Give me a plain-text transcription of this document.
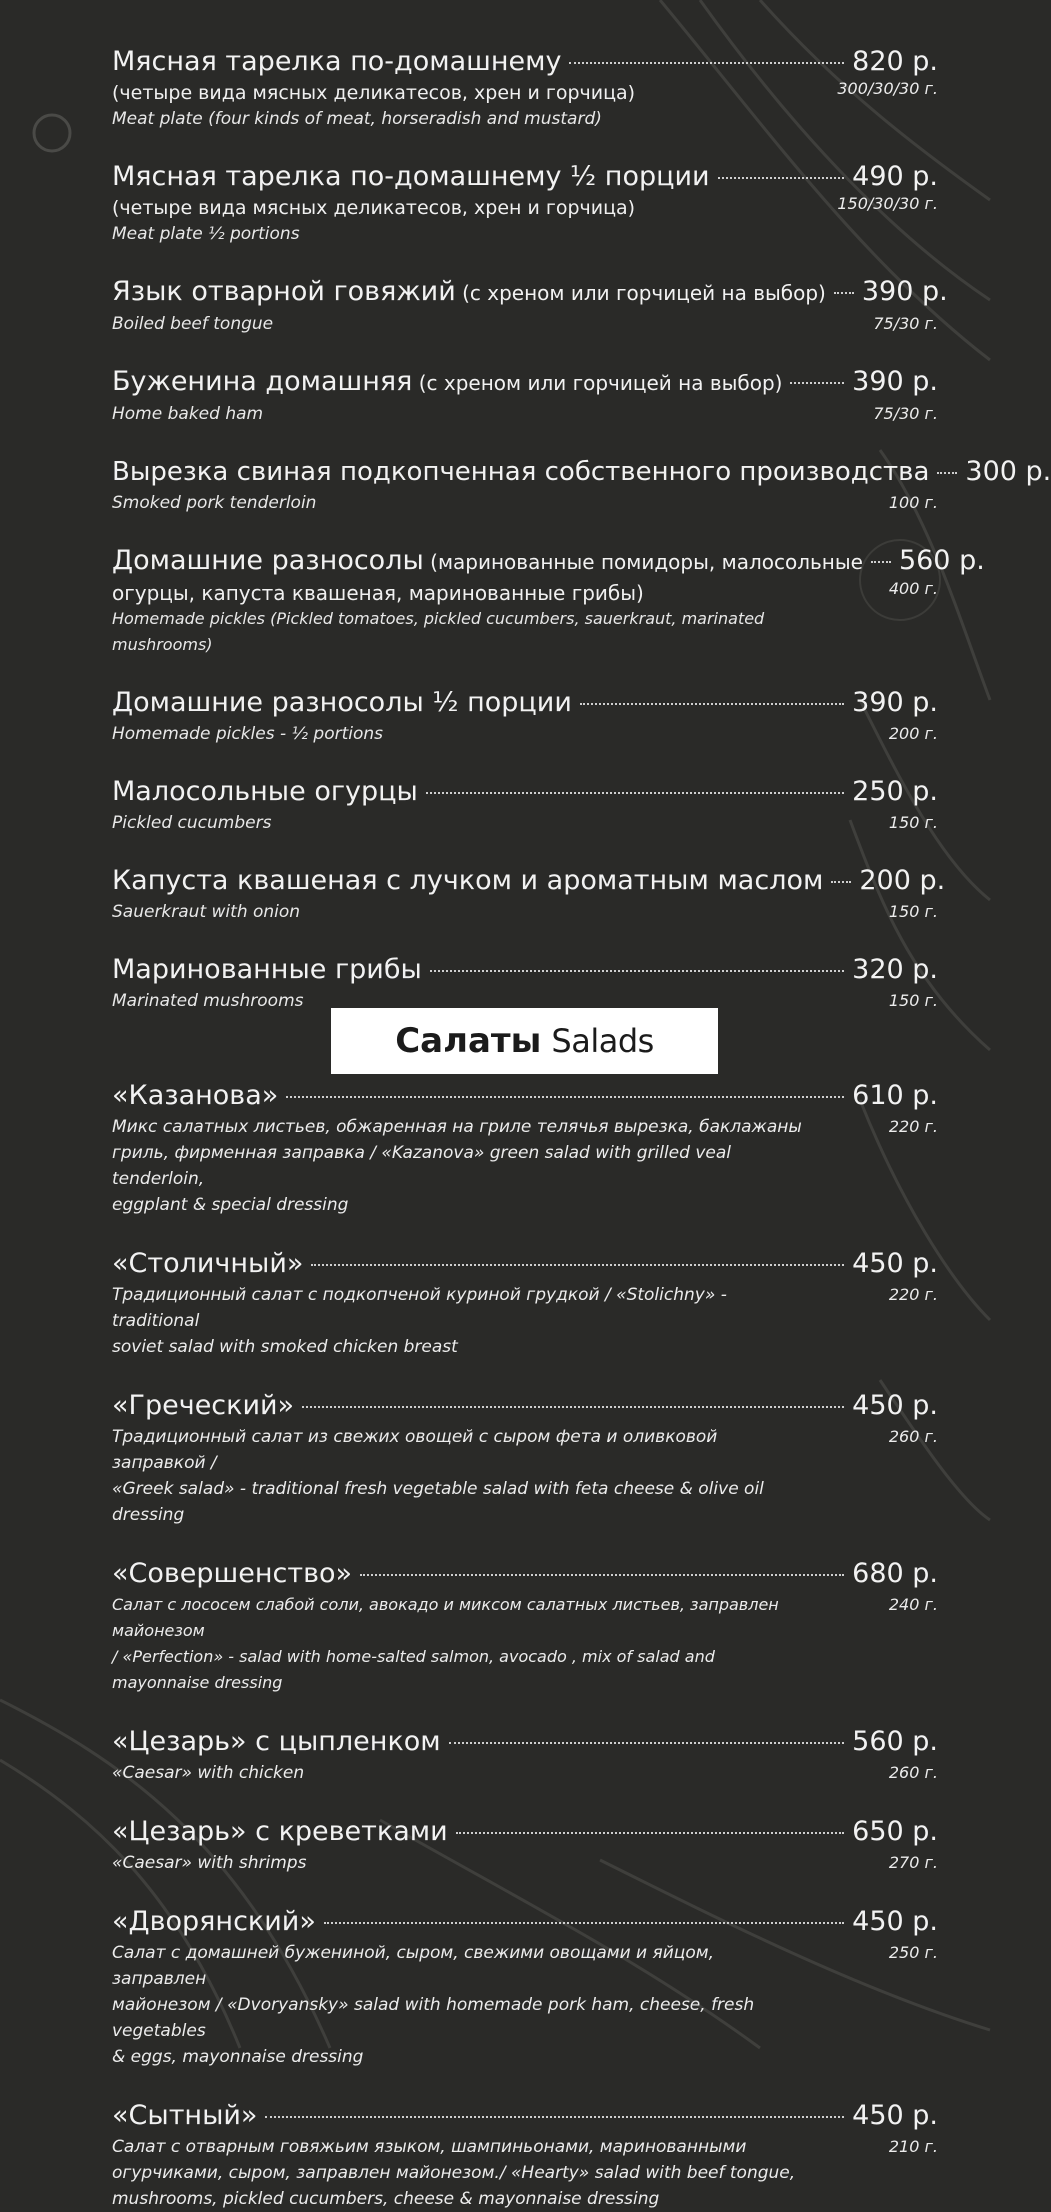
Мясная тарелка по-домашнему	820 р.
(четыре вида мясных деликатесов, хрен и горчица)
Meat plate (four kinds of meat, horseradish and mustard)
300/30/30 г.
Мясная тарелка по-домашнему ½ порции	490 р.
(четыре вида мясных деликатесов, хрен и горчица)
Meat plate ½ portions
150/30/30 г.
Язык отварной говяжий (с хреном или горчицей на выбор) 390 р.
Boiled beef tongue	75/30 г.
Буженина домашняя (с хреном или горчицей на выбор)	390 р.
Home baked ham	75/30 г.
Вырезка свиная подкопченная собственного производства 300 р.
Smoked pork tenderloin	100 г.
Домашние разносолы (маринованные помидоры, малосольные 560 р.
огурцы, капуста квашеная, маринованные грибы)
Homemade pickles (Pickled tomatoes, pickled cucumbers, sauerkraut, marinated mushrooms)
400 г.
Домашние разносолы ½ порции	390 р.
Homemade pickles - ½ portions	200 г.
Малосольные огурцы	250 р.
Pickled cucumbers	150 г.
Капуста квашеная с лучком и ароматным маслом 200 р.
Sauerkraut with onion	150 г.
Маринованные грибы	320 р.
Marinated mushrooms	150 г.
Салаты Salads
«Казанова»	610 р.
Микс салатных листьев, обжаренная на гриле телячья вырезка, баклажаны
гриль, фирменная заправка / «Kazanova» green salad with grilled veal tenderloin,
eggplant & special dressing
220 г.
«Столичный»	450 р.
Традиционный салат с подкопченой куриной грудкой / «Stolichny» - traditional
soviet salad with smoked chicken breast
220 г.
«Греческий»	450 р.
Традиционный салат из свежих овощей с сыром фета и оливковой заправкой /
«Greek salad» - traditional fresh vegetable salad with feta cheese & olive oil dressing
260 г.
«Совершенство»	680 р.
Салат с лососем слабой соли, авокадо и миксом салатных листьев, заправлен майонезом
/ «Perfection» - salad with home-salted salmon, avocado , mix of salad and mayonnaise dressing
240 г.
«Цезарь» с цыпленком	560 р.
«Caesar» with chicken	260 г.
«Цезарь» с креветками	650 р.
«Caesar» with shrimps	270 г.
«Дворянский»	450 р.
Салат с домашней бужениной, сыром, свежими овощами и яйцом, заправлен
майонезом / «Dvoryansky» salad with homemade pork ham, cheese, fresh vegetables
& eggs, mayonnaise dressing
250 г.
«Сытный»	450 р.
Салат с отварным говяжьим языком, шампиньонами, маринованными
огурчиками, сыром, заправлен майонезом./ «Hearty» salad with beef tongue,
mushrooms, pickled cucumbers, cheese & mayonnaise dressing
210 г.
